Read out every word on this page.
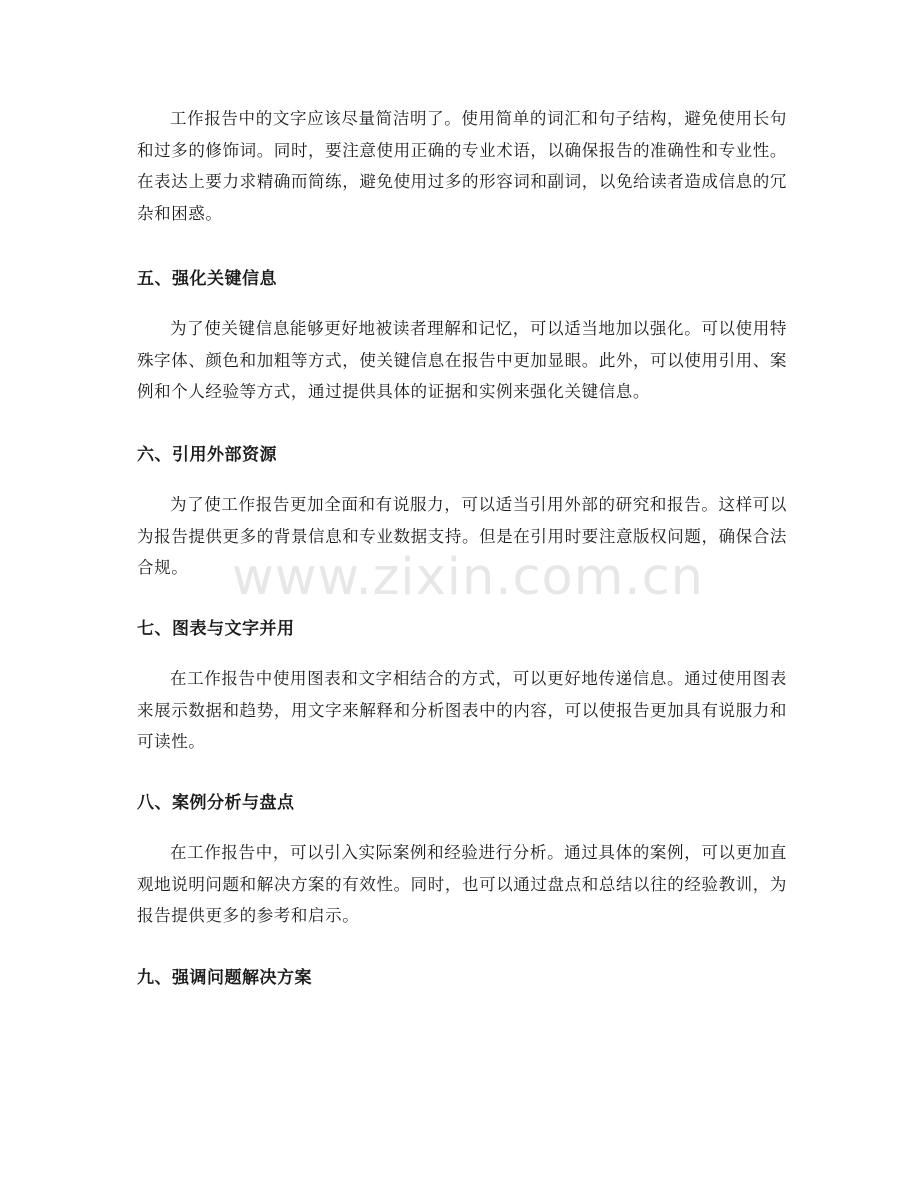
工作报告中的文字应该尽量简洁明了。使用简单的词汇和句子结构，避免使用长句和过多的修饰词。同时，要注意使用正确的专业术语，以确保报告的准确性和专业性。在表达上要力求精确而简练，避免使用过多的形容词和副词，以免给读者造成信息的冗杂和困惑。

五、强化关键信息

为了使关键信息能够更好地被读者理解和记忆，可以适当地加以强化。可以使用特殊字体、颜色和加粗等方式，使关键信息在报告中更加显眼。此外，可以使用引用、案例和个人经验等方式，通过提供具体的证据和实例来强化关键信息。

六、引用外部资源

为了使工作报告更加全面和有说服力，可以适当引用外部的研究和报告。这样可以为报告提供更多的背景信息和专业数据支持。但是在引用时要注意版权问题，确保合法合规。

七、图表与文字并用

在工作报告中使用图表和文字相结合的方式，可以更好地传递信息。通过使用图表来展示数据和趋势，用文字来解释和分析图表中的内容，可以使报告更加具有说服力和可读性。

八、案例分析与盘点

在工作报告中，可以引入实际案例和经验进行分析。通过具体的案例，可以更加直观地说明问题和解决方案的有效性。同时，也可以通过盘点和总结以往的经验教训，为报告提供更多的参考和启示。

九、强调问题解决方案
www.zixin.com.cn
